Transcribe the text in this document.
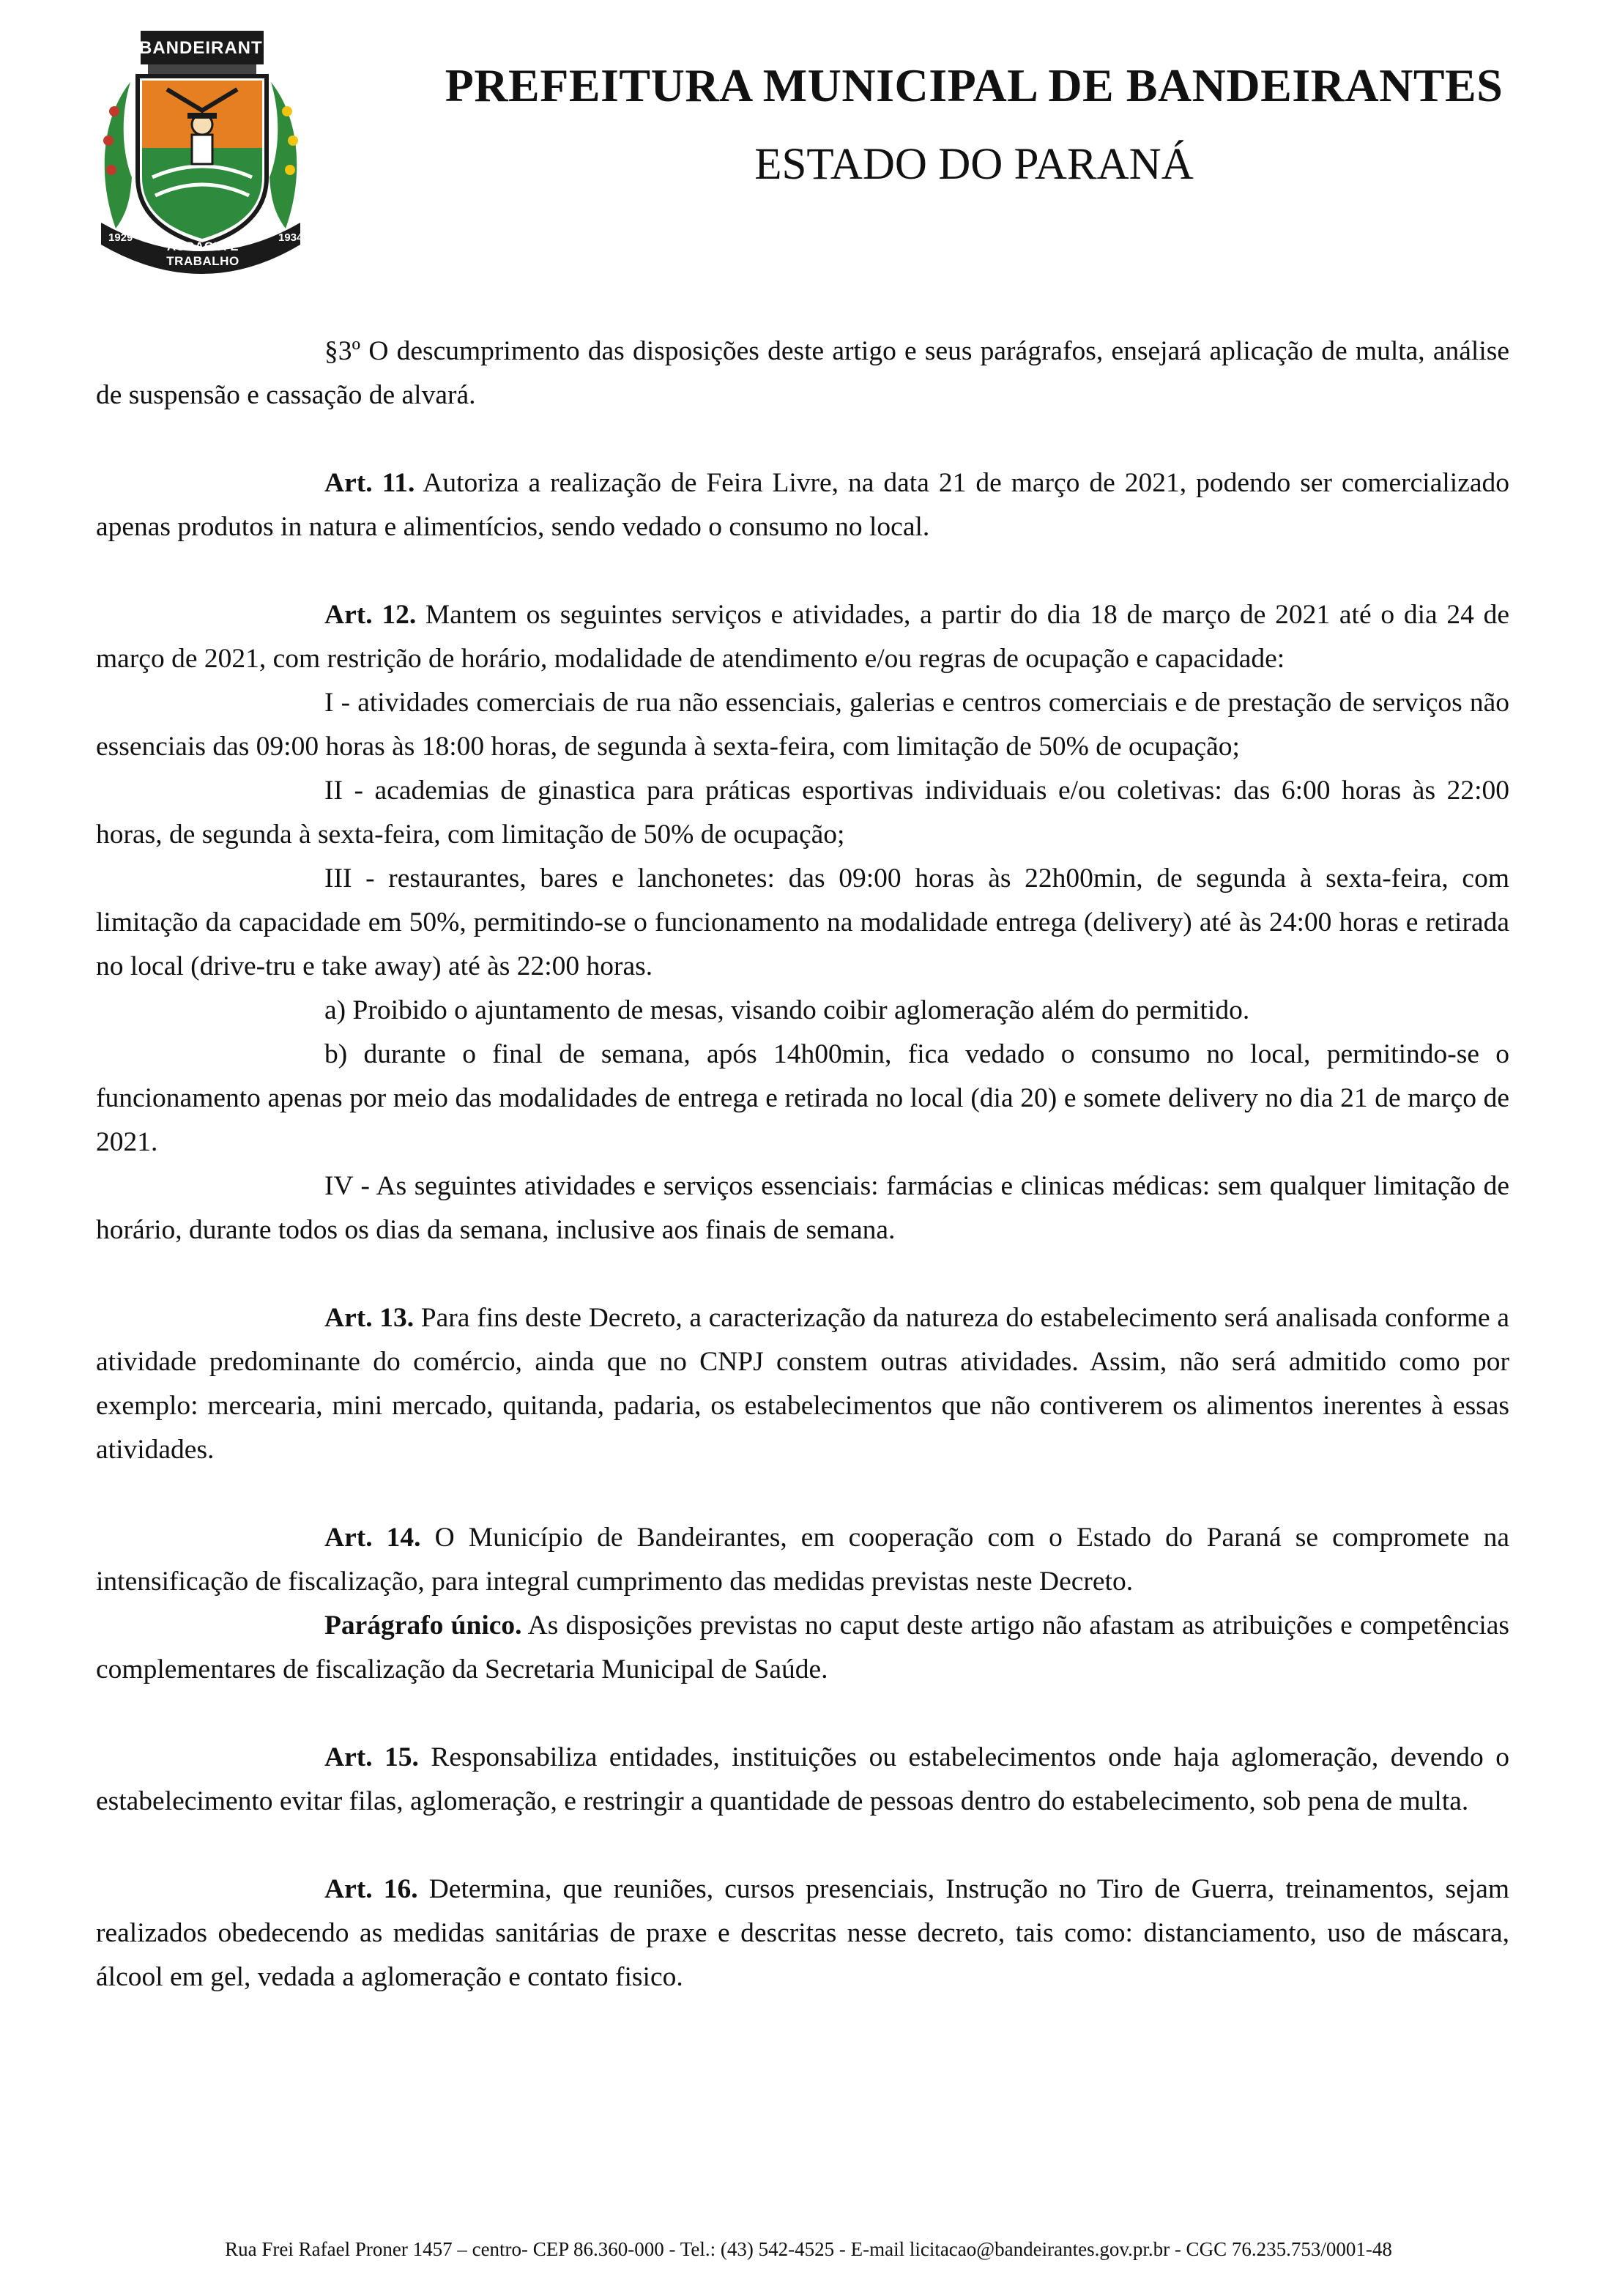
BANDEIRANTES
AUDÁCIA E TRABALHO
1929	1934
PREFEITURA MUNICIPAL DE BANDEIRANTES
ESTADO DO PARANÁ

§3º O descumprimento das disposições deste artigo e seus parágrafos, ensejará aplicação de multa, análise de suspensão e cassação de alvará.

Art. 11. Autoriza a realização de Feira Livre, na data 21 de março de 2021, podendo ser comercializado apenas produtos in natura e alimentícios, sendo vedado o consumo no local.

Art. 12. Mantem os seguintes serviços e atividades, a partir do dia 18 de março de 2021 até o dia 24 de março de 2021, com restrição de horário, modalidade de atendimento e/ou regras de ocupação e capacidade:

I - atividades comerciais de rua não essenciais, galerias e centros comerciais e de prestação de serviços não essenciais das 09:00 horas às 18:00 horas, de segunda à sexta-feira, com limitação de 50% de ocupação;

II - academias de ginastica para práticas esportivas individuais e/ou coletivas: das 6:00 horas às 22:00 horas, de segunda à sexta-feira, com limitação de 50% de ocupação;

III - restaurantes, bares e lanchonetes: das 09:00 horas às 22h00min, de segunda à sexta-feira, com limitação da capacidade em 50%, permitindo-se o funcionamento na modalidade entrega (delivery) até às 24:00 horas e retirada no local (drive-tru e take away) até às 22:00 horas.

a) Proibido o ajuntamento de mesas, visando coibir aglomeração além do permitido.

b) durante o final de semana, após 14h00min, fica vedado o consumo no local, permitindo-se o funcionamento apenas por meio das modalidades de entrega e retirada no local (dia 20) e somete delivery no dia 21 de março de 2021.

IV - As seguintes atividades e serviços essenciais: farmácias e clinicas médicas: sem qualquer limitação de horário, durante todos os dias da semana, inclusive aos finais de semana.

Art. 13. Para fins deste Decreto, a caracterização da natureza do estabelecimento será analisada conforme a atividade predominante do comércio, ainda que no CNPJ constem outras atividades. Assim, não será admitido como por exemplo: mercearia, mini mercado, quitanda, padaria, os estabelecimentos que não contiverem os alimentos inerentes à essas atividades.

Art. 14. O Município de Bandeirantes, em cooperação com o Estado do Paraná se compromete na intensificação de fiscalização, para integral cumprimento das medidas previstas neste Decreto.

Parágrafo único. As disposições previstas no caput deste artigo não afastam as atribuições e competências complementares de fiscalização da Secretaria Municipal de Saúde.

Art. 15. Responsabiliza entidades, instituições ou estabelecimentos onde haja aglomeração, devendo o estabelecimento evitar filas, aglomeração, e restringir a quantidade de pessoas dentro do estabelecimento, sob pena de multa.

Art. 16. Determina, que reuniões, cursos presenciais, Instrução no Tiro de Guerra, treinamentos, sejam realizados obedecendo as medidas sanitárias de praxe e descritas nesse decreto, tais como: distanciamento, uso de máscara, álcool em gel, vedada a aglomeração e contato fisico.

Rua Frei Rafael Proner 1457 – centro- CEP 86.360-000 - Tel.: (43) 542-4525 - E-mail licitacao@bandeirantes.gov.pr.br - CGC 76.235.753/0001-48
